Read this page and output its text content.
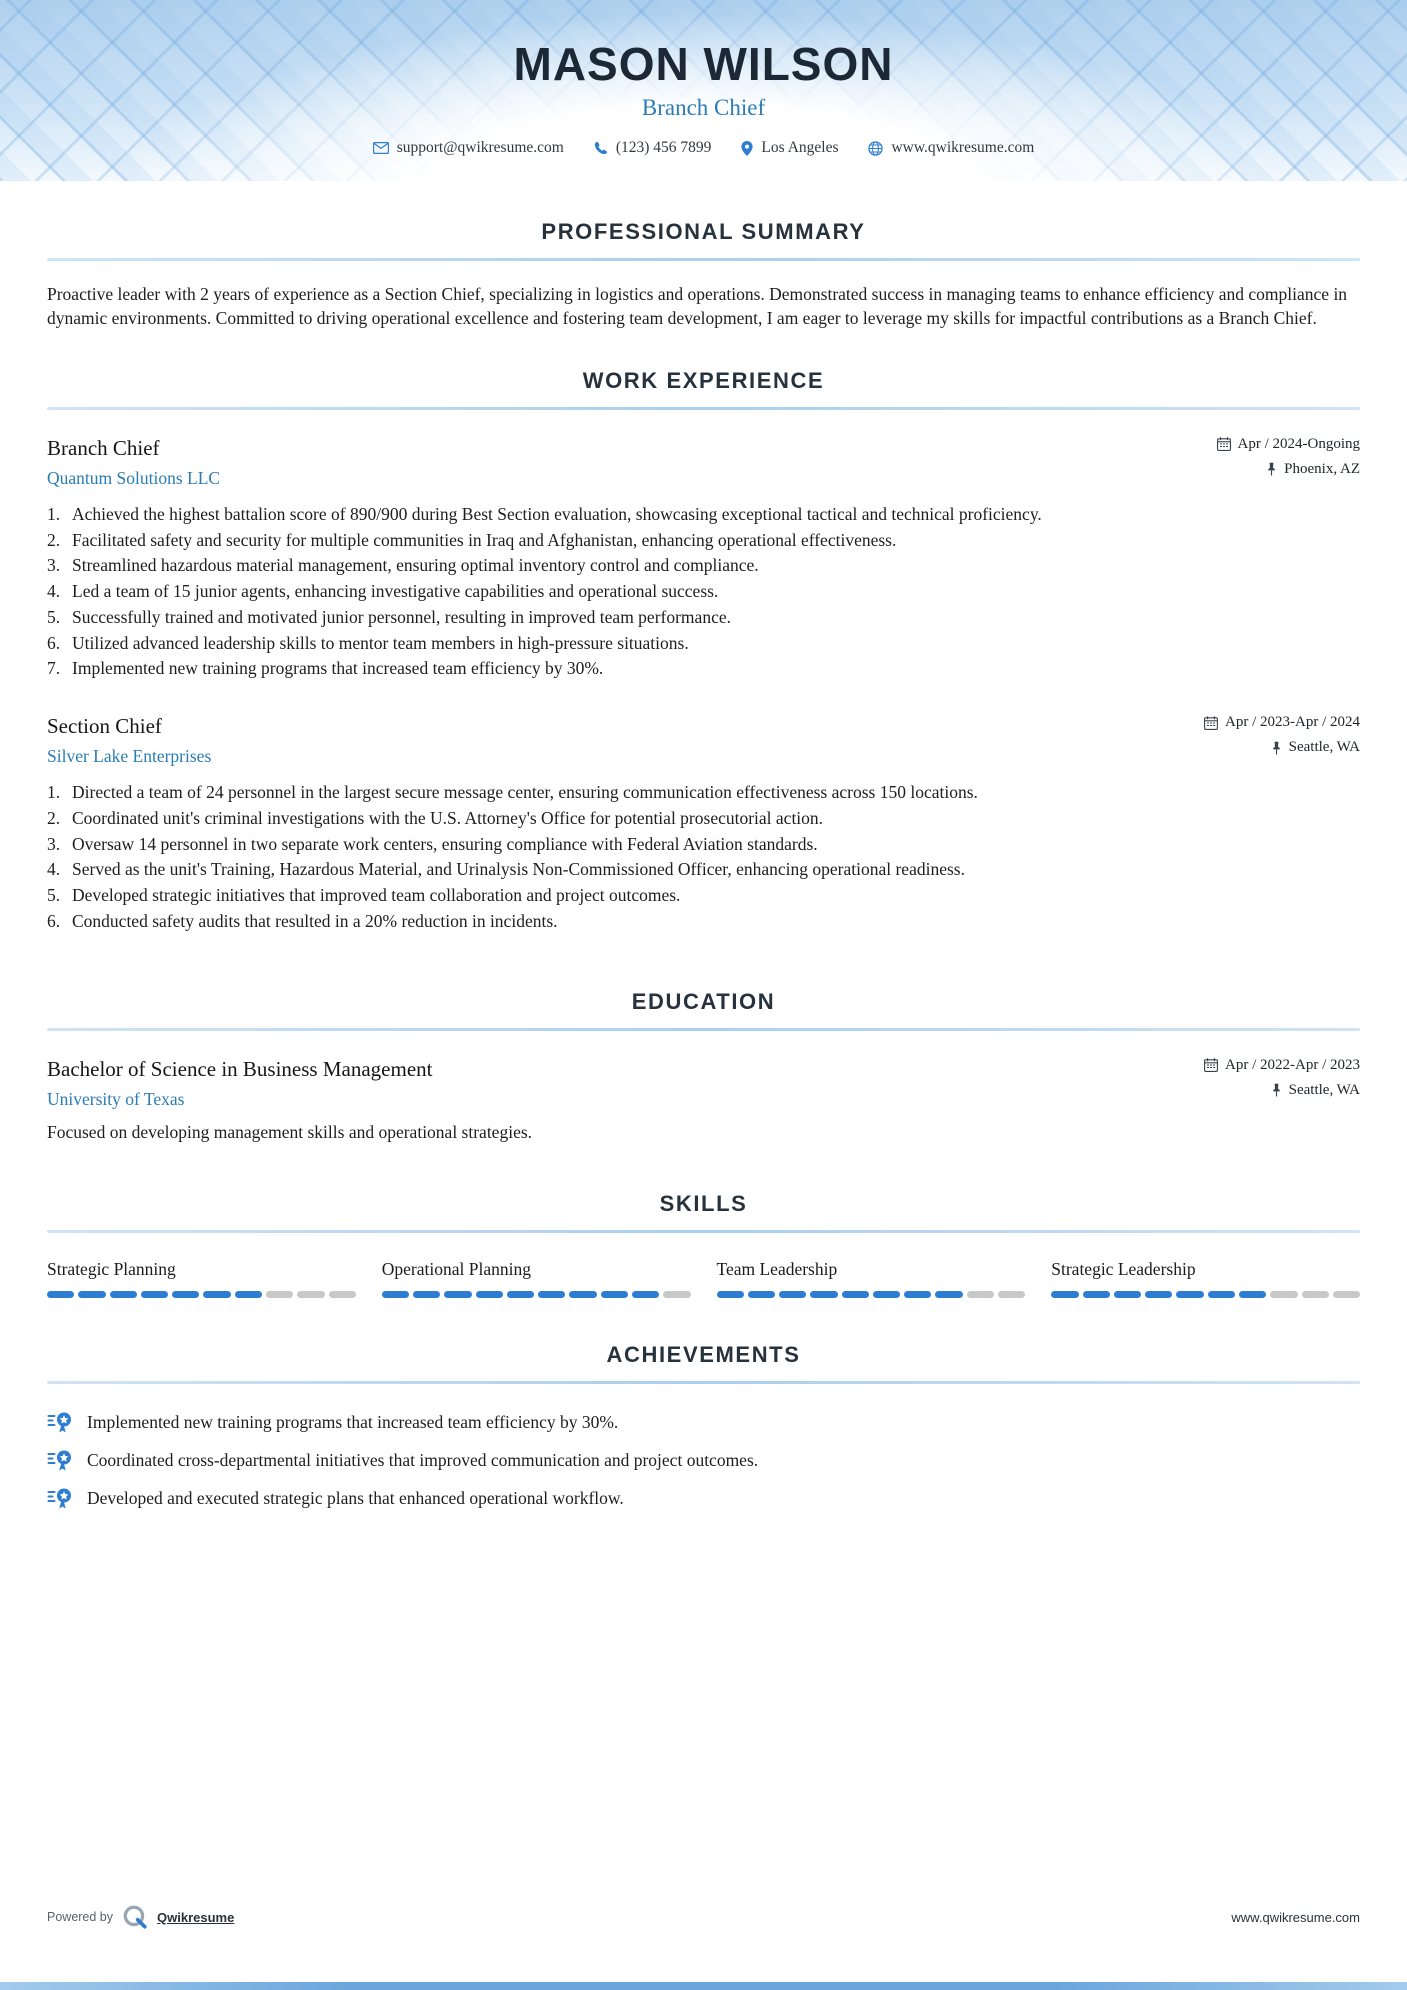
MASON WILSON
Branch Chief
support@qwikresume.com	(123) 456 7899	Los Angeles	www.qwikresume.com
PROFESSIONAL SUMMARY

Proactive leader with 2 years of experience as a Section Chief, specializing in logistics and operations. Demonstrated success in managing teams to enhance efficiency and compliance in dynamic environments. Committed to driving operational excellence and fostering team development, I am eager to leverage my skills for impactful contributions as a Branch Chief.

WORK EXPERIENCE
Branch Chief
Quantum Solutions LLC
Apr / 2024-Ongoing
Phoenix, AZ
Achieved the highest battalion score of 890/900 during Best Section evaluation, showcasing exceptional tactical and technical proficiency.
Facilitated safety and security for multiple communities in Iraq and Afghanistan, enhancing operational effectiveness.
Streamlined hazardous material management, ensuring optimal inventory control and compliance.
Led a team of 15 junior agents, enhancing investigative capabilities and operational success.
Successfully trained and motivated junior personnel, resulting in improved team performance.
Utilized advanced leadership skills to mentor team members in high-pressure situations.
Implemented new training programs that increased team efficiency by 30%.
Section Chief
Silver Lake Enterprises
Apr / 2023-Apr / 2024
Seattle, WA
Directed a team of 24 personnel in the largest secure message center, ensuring communication effectiveness across 150 locations.
Coordinated unit's criminal investigations with the U.S. Attorney's Office for potential prosecutorial action.
Oversaw 14 personnel in two separate work centers, ensuring compliance with Federal Aviation standards.
Served as the unit's Training, Hazardous Material, and Urinalysis Non-Commissioned Officer, enhancing operational readiness.
Developed strategic initiatives that improved team collaboration and project outcomes.
Conducted safety audits that resulted in a 20% reduction in incidents.
EDUCATION
Bachelor of Science in Business Management
University of Texas
Apr / 2022-Apr / 2023
Seattle, WA

Focused on developing management skills and operational strategies.

SKILLS
Strategic Planning	Operational Planning	Team Leadership	Strategic Leadership
ACHIEVEMENTS
Implemented new training programs that increased team efficiency by 30%.
Coordinated cross-departmental initiatives that improved communication and project outcomes.
Developed and executed strategic plans that enhanced operational workflow.
Powered by	Qwikresume	www.qwikresume.com
